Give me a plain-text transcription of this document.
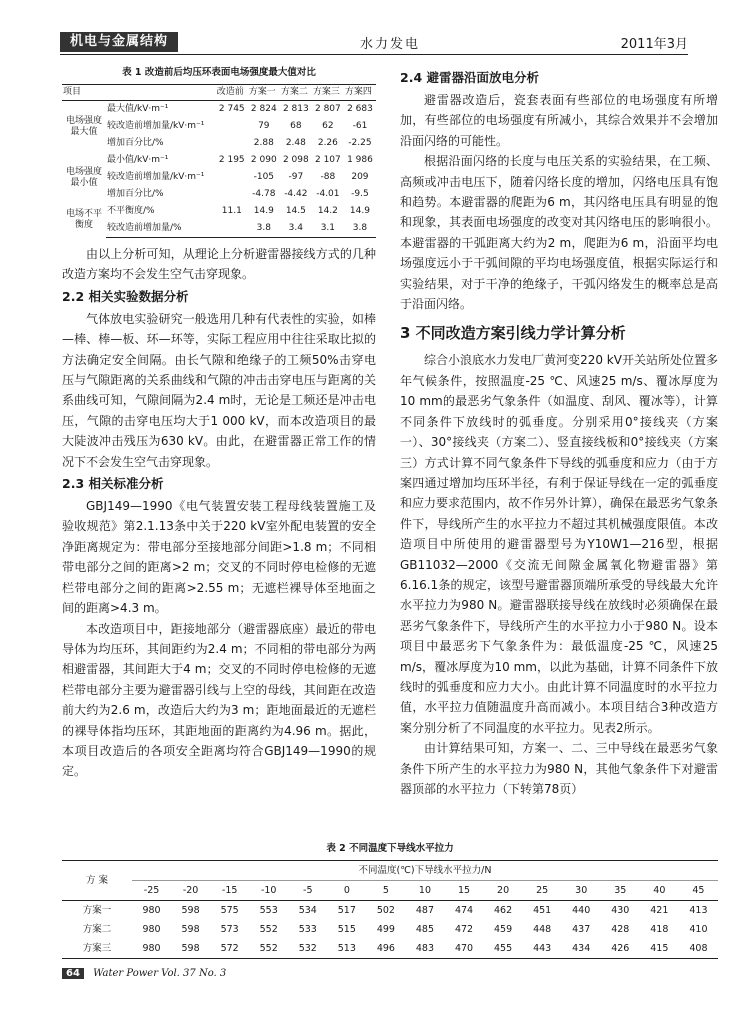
机电与金属结构	水力发电	2011年3月
表 1 改造前后均压环表面电场强度最大值对比
项目		改造前	方案一	方案二	方案三	方案四
电场强度最大值	最大值/kV·m⁻¹	2 745	2 824	2 813	2 807	2 683
	较改造前增加量/kV·m⁻¹		79	68	62	-61
	增加百分比/%		2.88	2.48	2.26	-2.25
电场强度最小值	最小值/kV·m⁻¹	2 195	2 090	2 098	2 107	1 986
	较改造前增加量/kV·m⁻¹		-105	-97	-88	209
	增加百分比/%		-4.78	-4.42	-4.01	-9.5
电场不平衡度	不平衡度/%	11.1	14.9	14.5	14.2	14.9
	较改造前增加量/%		3.8	3.4	3.1	3.8

由以上分析可知，从理论上分析避雷器接线方式的几种改造方案均不会发生空气击穿现象。

2.2 相关实验数据分析

气体放电实验研究一般选用几种有代表性的实验，如棒—棒、棒—板、环—环等，实际工程应用中往往采取比拟的方法确定安全间隔。由长气隙和绝缘子的工频50%击穿电压与气隙距离的关系曲线和气隙的冲击击穿电压与距离的关系曲线可知，气隙间隔为2.4 m时，无论是工频还是冲击电压，气隙的击穿电压均大于1 000 kV，而本改造项目的最大陡波冲击残压为630 kV。由此，在避雷器正常工作的情况下不会发生空气击穿现象。

2.3 相关标准分析

GBJ149—1990《电气装置安装工程母线装置施工及验收规范》第2.1.13条中关于220 kV室外配电装置的安全净距离规定为：带电部分至接地部分间距>1.8 m；不同相带电部分之间的距离>2 m；交叉的不同时停电检修的无遮栏带电部分之间的距离>2.55 m；无遮栏裸导体至地面之间的距离>4.3 m。

本改造项目中，距接地部分（避雷器底座）最近的带电导体为均压环，其间距约为2.4 m；不同相的带电部分为两相避雷器，其间距大于4 m；交叉的不同时停电检修的无遮栏带电部分主要为避雷器引线与上空的母线，其间距在改造前大约为2.6 m，改造后大约为3 m；距地面最近的无遮栏的裸导体指均压环，其距地面的距离约为4.96 m。据此，本项目改造后的各项安全距离均符合GBJ149—1990的规定。

2.4 避雷器沿面放电分析

避雷器改造后，瓷套表面有些部位的电场强度有所增加，有些部位的电场强度有所减小，其综合效果并不会增加沿面闪络的可能性。

根据沿面闪络的长度与电压关系的实验结果，在工频、高频或冲击电压下，随着闪络长度的增加，闪络电压具有饱和趋势。本避雷器的爬距为6 m，其闪络电压具有明显的饱和现象，其表面电场强度的改变对其闪络电压的影响很小。本避雷器的干弧距离大约为2 m，爬距为6 m，沿面平均电场强度远小于干弧间隙的平均电场强度值，根据实际运行和实验结果，对于干净的绝缘子，干弧闪络发生的概率总是高于沿面闪络。

3 不同改造方案引线力学计算分析

综合小浪底水力发电厂黄河变220 kV开关站所处位置多年气候条件，按照温度-25 ℃、风速25 m/s、覆冰厚度为10 mm的最恶劣气象条件（如温度、刮风、覆冰等），计算不同条件下放线时的弧垂度。分别采用0°接线夹（方案一）、30°接线夹（方案二）、竖直接线板和0°接线夹（方案三）方式计算不同气象条件下导线的弧垂度和应力（由于方案四通过增加均压环半径，有利于保证导线在一定的弧垂度和应力要求范围内，故不作另外计算），确保在最恶劣气象条件下，导线所产生的水平拉力不超过其机械强度限值。本改造项目中所使用的避雷器型号为Y10W1—216型，根据GB11032—2000《交流无间隙金属氧化物避雷器》第6.16.1条的规定，该型号避雷器顶端所承受的导线最大允许水平拉力为980 N。避雷器联接导线在放线时必须确保在最恶劣气象条件下，导线所产生的水平拉力小于980 N。设本项目中最恶劣下气象条件为：最低温度-25 ℃，风速25 m/s，覆冰厚度为10 mm，以此为基础，计算不同条件下放线时的弧垂度和应力大小。由此计算不同温度时的水平拉力值，水平拉力值随温度升高而减小。本项目结合3种改造方案分别分析了不同温度的水平拉力。见表2所示。

由计算结果可知，方案一、二、三中导线在最恶劣气象条件下所产生的水平拉力为980 N，其他气象条件下对避雷器顶部的水平拉力（下转第78页）

表 2 不同温度下导线水平拉力
方 案	不同温度(℃)下导线水平拉力/N														
	-25	-20	-15	-10	-5	0	5	10	15	20	25	30	35	40	45
方案一	980	598	575	553	534	517	502	487	474	462	451	440	430	421	413
方案二	980	598	573	552	533	515	499	485	472	459	448	437	428	418	410
方案三	980	598	572	552	532	513	496	483	470	455	443	434	426	415	408
64 Water Power Vol. 37 No. 3
